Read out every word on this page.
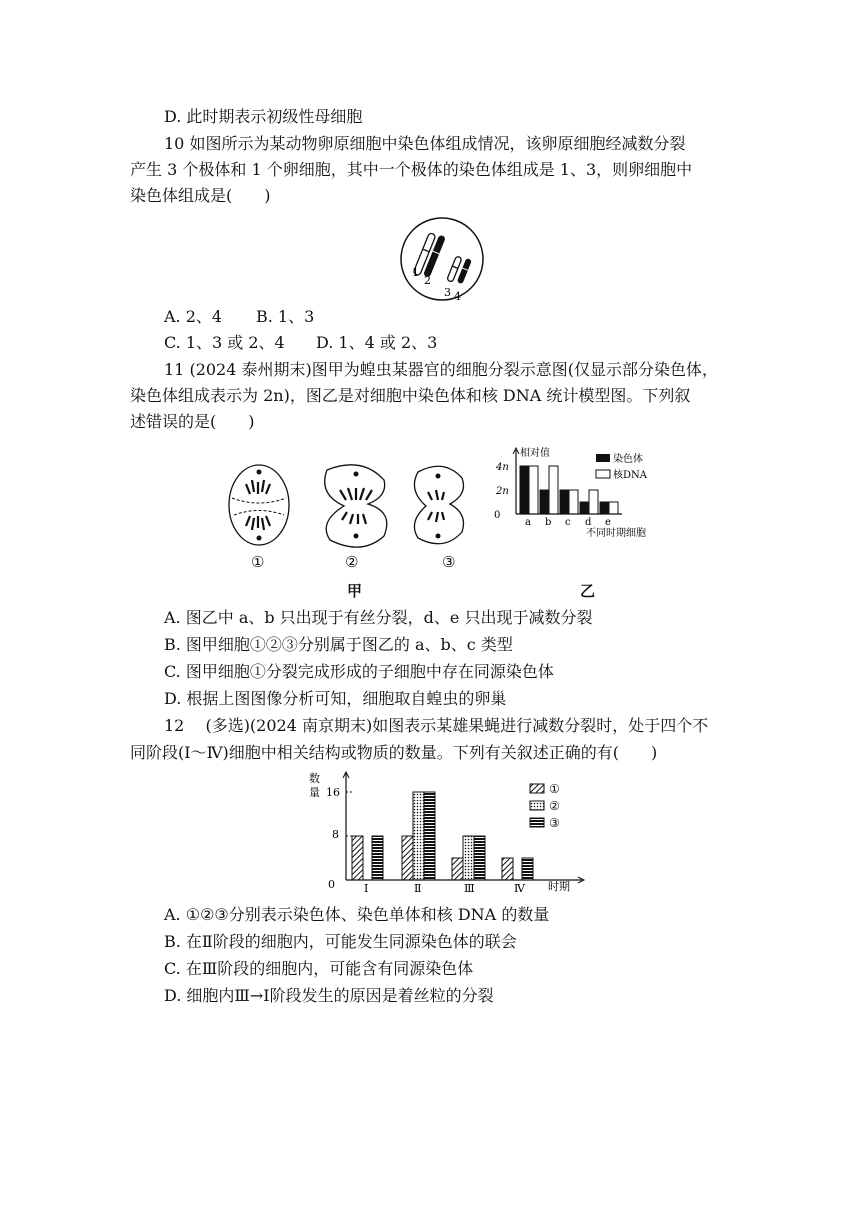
D. 此时期表示初级性母细胞
10 如图所示为某动物卵原细胞中染色体组成情况，该卵原细胞经减数分裂
产生 3 个极体和 1 个卵细胞，其中一个极体的染色体组成是 1、3，则卵细胞中
染色体组成是(　　)
1
2
3 4
A. 2、4 B. 1、3
C. 1、3 或 2、4 D. 1、4 或 2、3
11 (2024 泰州期末)图甲为蝗虫某器官的细胞分裂示意图(仅显示部分染色体，
染色体组成表示为 2n)，图乙是对细胞中染色体和核 DNA 统计模型图。下列叙
述错误的是(　　)
①	②	③
甲	乙
相对值
0
2n
4n
a b c d e
不同时期细胞
染色体
核DNA
A. 图乙中 a、b 只出现于有丝分裂，d、e 只出现于减数分裂
B. 图甲细胞①②③分别属于图乙的 a、b、c 类型
C. 图甲细胞①分裂完成形成的子细胞中存在同源染色体
D. 根据上图图像分析可知，细胞取自蝗虫的卵巢
12 　(多选)(2024 南京期末)如图表示某雄果蝇进行减数分裂时，处于四个不
同阶段(Ⅰ～Ⅳ)细胞中相关结构或物质的数量。下列有关叙述正确的有(　　)
数
量
0
8
16
Ⅰ	Ⅱ	Ⅲ	Ⅳ 时期
①
②
③
A. ①②③分别表示染色体、染色单体和核 DNA 的数量
B. 在Ⅱ阶段的细胞内，可能发生同源染色体的联会
C. 在Ⅲ阶段的细胞内，可能含有同源染色体
D. 细胞内Ⅲ→Ⅰ阶段发生的原因是着丝粒的分裂
